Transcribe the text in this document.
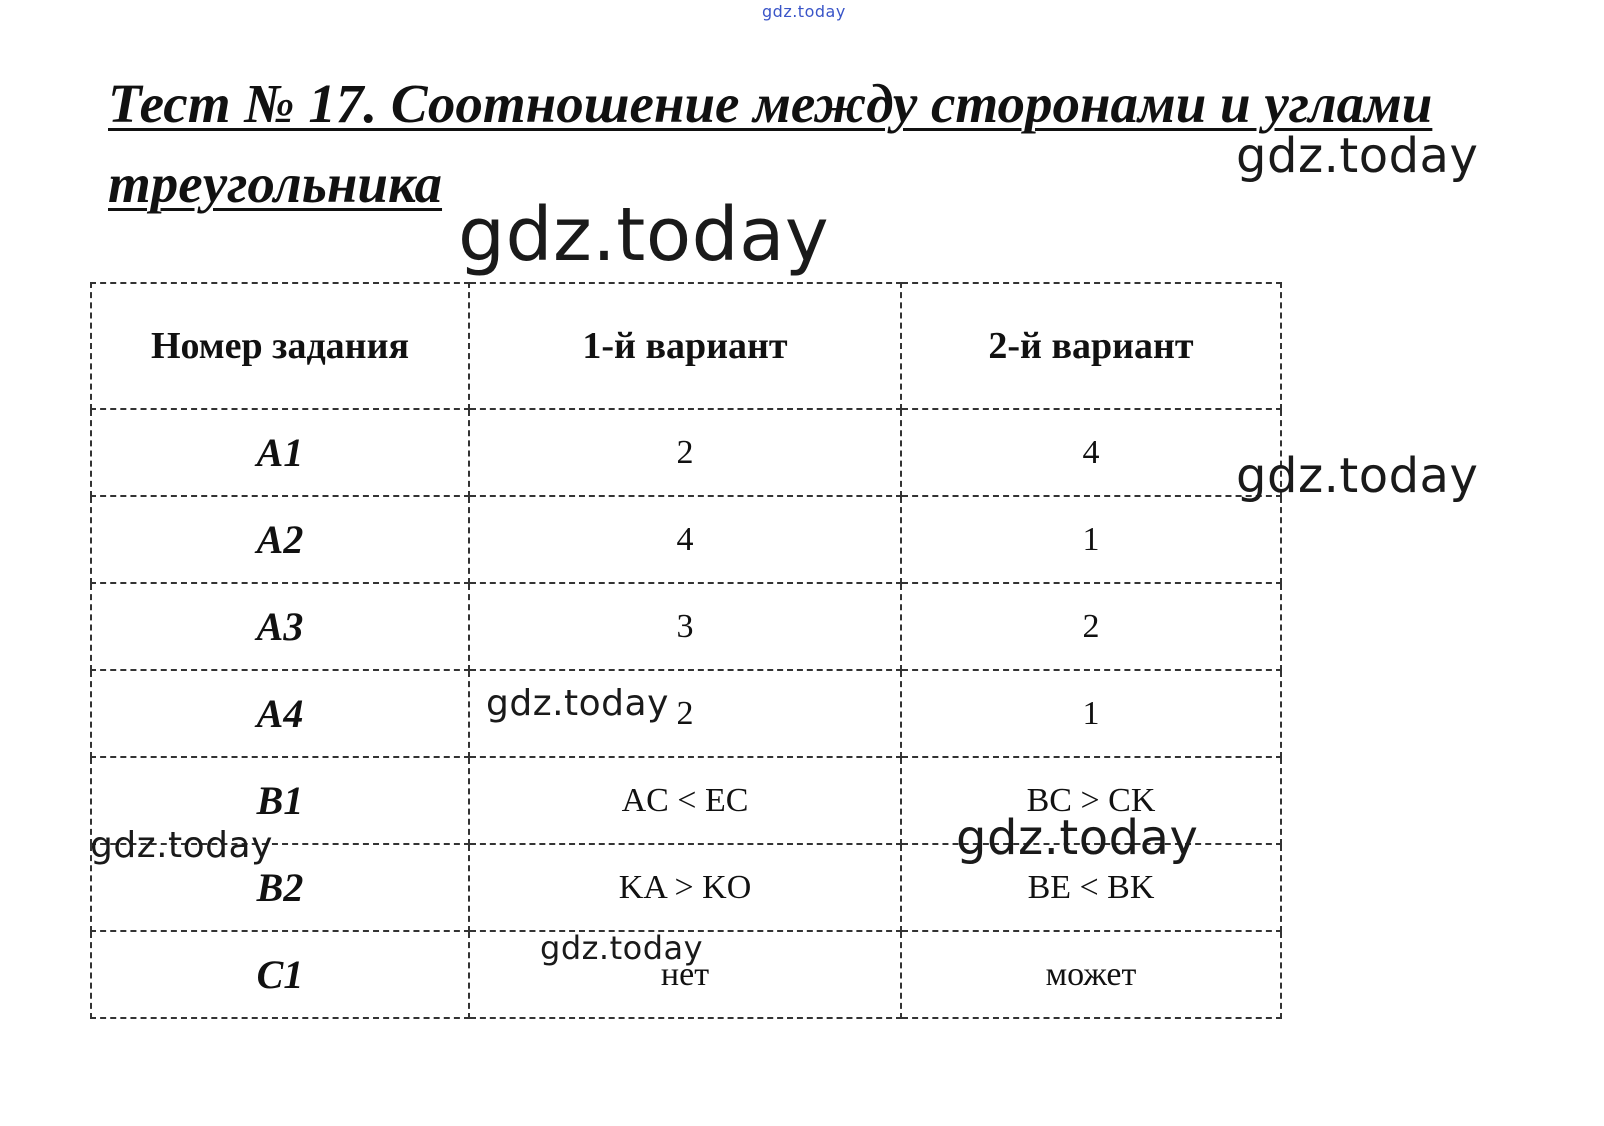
Тест № 17. Соотношение между сторонами и углами треугольника
Номер задания	1-й вариант	2-й вариант
A1	2	4
A2	4	1
A3	3	2
A4	2	1
B1	AC < EC	BC > CK
B2	KA > KO	BE < BK
C1	нет	может
gdz.today
gdz.today
gdz.today
gdz.today
gdz.today
gdz.today	gdz.today
gdz.today
